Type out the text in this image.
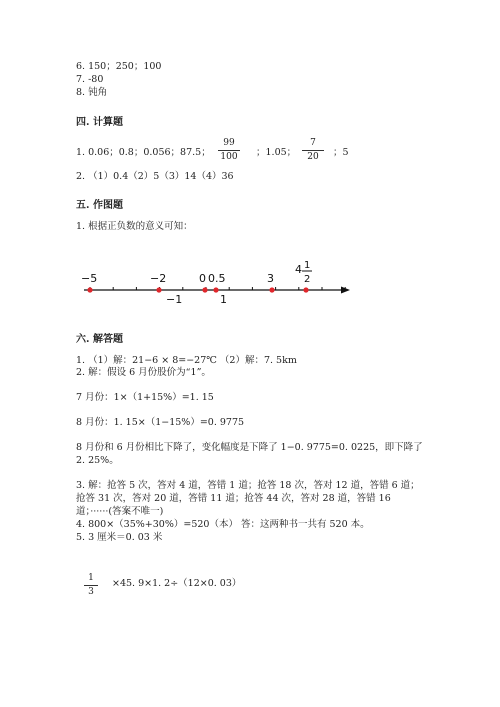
6. 150；250；100
7. -80
8. 钝角
四. 计算题
1. 0.06；0.8；0.056；87.5；
99
100 ；1.05；
7
20	；5
2. （1）0.4（2）5（3）14（4）36
五. 作图题
1. 根据正负数的意义可知：
−5	−2	0 0.5	3
−1	1
4 1
2
六. 解答题
1. （1）解：21−6 × 8=−27℃ （2）解：7. 5km
2. 解：假设 6 月份股价为“1”。
7 月份：1×（1+15%）=1. 15
8 月份：1. 15×（1−15%）=0. 9775
8 月份和 6 月份相比下降了，变化幅度是下降了 1−0. 9775=0. 0225，即下降了
2. 25%。
3. 解：抢答 5 次，答对 4 道，答错 1 道；抢答 18 次，答对 12 道，答错 6 道；
抢答 31 次，答对 20 道，答错 11 道；抢答 44 次，答对 28 道，答错 16
道；······(答案不唯一)
4. 800×（35%+30%）=520（本） 答：这两种书一共有 520 本。
5. 3 厘米＝0. 03 米
1
3
×45. 9×1. 2÷（12×0. 03）
